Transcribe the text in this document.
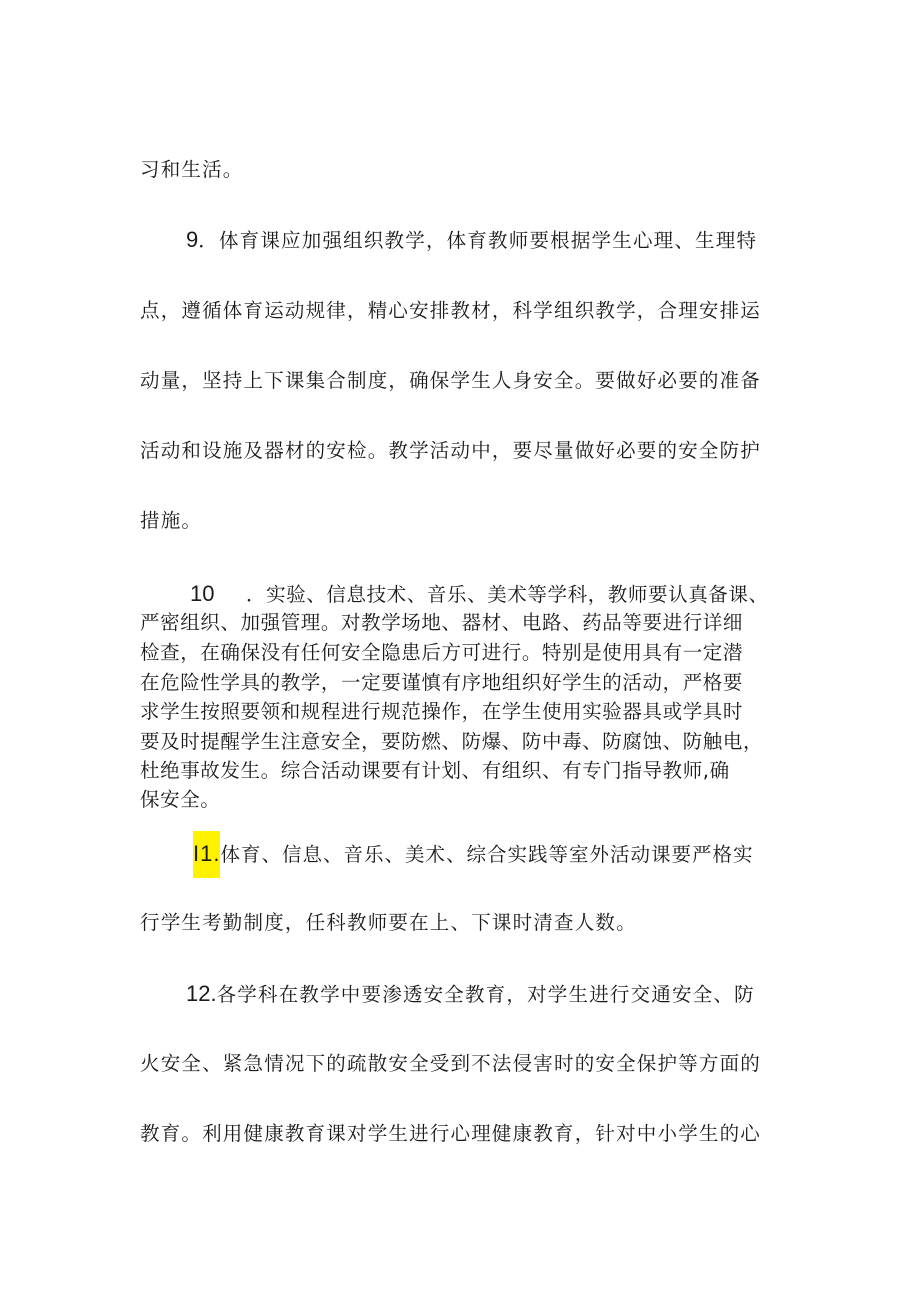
习和生活。
9．体育课应加强组织教学，体育教师要根据学生心理、生理特
点，遵循体育运动规律，精心安排教材，科学组织教学，合理安排运
动量，坚持上下课集合制度，确保学生人身安全。要做好必要的准备
活动和设施及器材的安检。教学活动中，要尽量做好必要的安全防护
措施。
10 ．实验、信息技术、音乐、美术等学科，教师要认真备课、
严密组织、加强管理。对教学场地、器材、电路、药品等要进行详细
检查，在确保没有任何安全隐患后方可进行。特别是使用具有一定潜
在危险性学具的教学，一定要谨慎有序地组织好学生的活动，严格要
求学生按照要领和规程进行规范操作，在学生使用实验器具或学具时
要及时提醒学生注意安全，要防燃、防爆、防中毒、防腐蚀、防触电，
杜绝事故发生。综合活动课要有计划、有组织、有专门指导教师,确
保安全。
I1.体育、信息、音乐、美术、综合实践等室外活动课要严格实
行学生考勤制度，任科教师要在上、下课时清查人数。
12.各学科在教学中要渗透安全教育，对学生进行交通安全、防
火安全、紧急情况下的疏散安全受到不法侵害时的安全保护等方面的
教育。利用健康教育课对学生进行心理健康教育，针对中小学生的心
